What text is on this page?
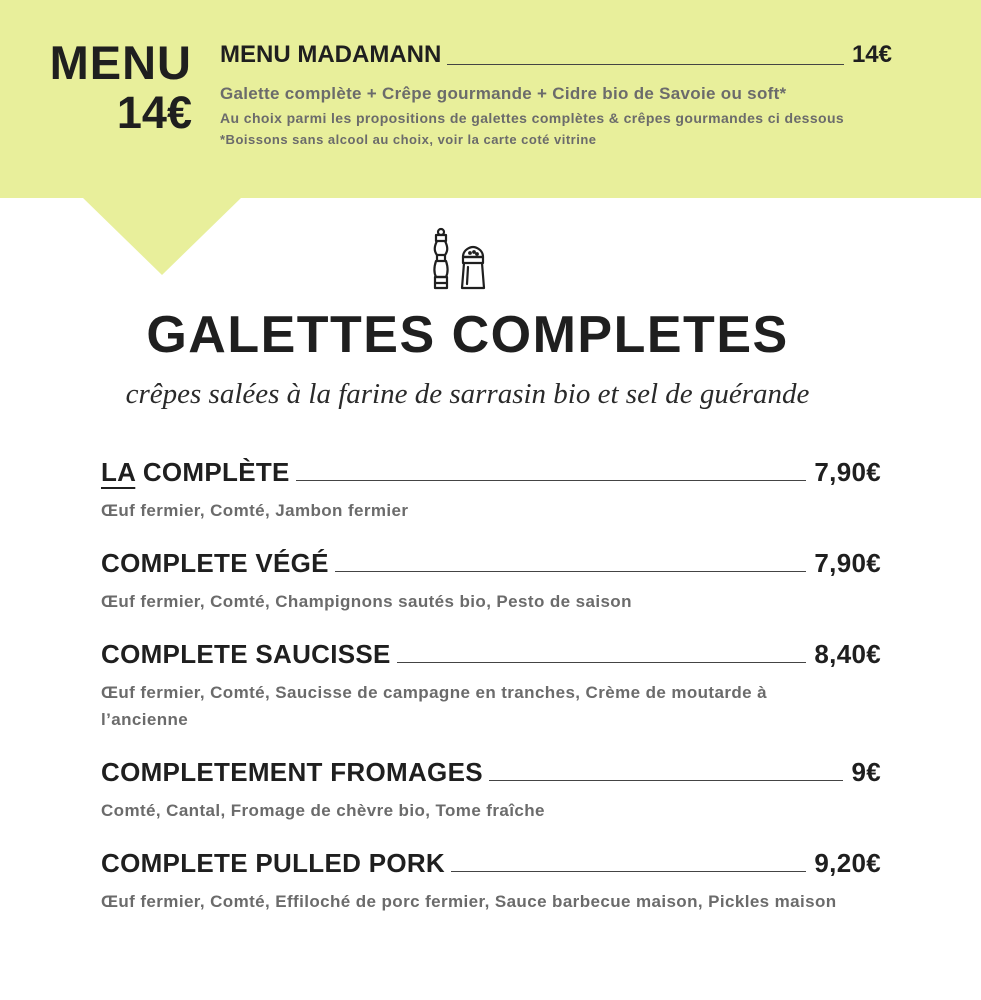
MENU
14€
MENU MADAMANN	14€
Galette complète + Crêpe gourmande + Cidre bio de Savoie ou soft*
Au choix parmi les propositions de galettes complètes & crêpes gourmandes ci dessous
*Boissons sans alcool au choix, voir la carte coté vitrine
GALETTES COMPLETES
crêpes salées à la farine de sarrasin bio et sel de guérande
LA COMPLÈTE	7,90€
Œuf fermier, Comté, Jambon fermier
COMPLETE VÉGÉ	7,90€
Œuf fermier, Comté, Champignons sautés bio, Pesto de saison
COMPLETE SAUCISSE	8,40€
Œuf fermier, Comté, Saucisse de campagne en tranches, Crème de moutarde à l’ancienne
COMPLETEMENT FROMAGES	9€
Comté, Cantal, Fromage de chèvre bio, Tome fraîche
COMPLETE PULLED PORK	9,20€
Œuf fermier, Comté, Effiloché de porc fermier, Sauce barbecue maison, Pickles maison
